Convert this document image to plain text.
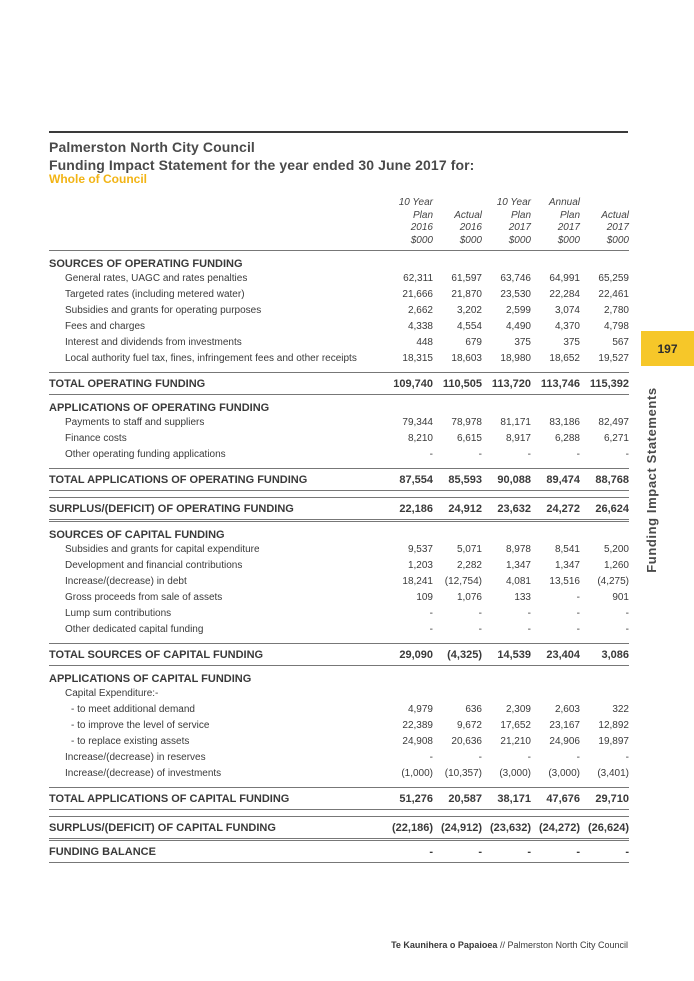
Palmerston North City Council
Funding Impact Statement for the year ended 30 June 2017 for:
Whole of Council
197
Funding Impact Statements
	10 Year
Plan
2016
$000	Actual
2016
$000	10 Year
Plan
2017
$000	Annual
Plan
2017
$000	Actual
2017
$000
SOURCES OF OPERATING FUNDING					
General rates, UAGC and rates penalties	62,311	61,597	63,746	64,991	65,259
Targeted rates (including metered water)	21,666	21,870	23,530	22,284	22,461
Subsidies and grants for operating purposes	2,662	3,202	2,599	3,074	2,780
Fees and charges	4,338	4,554	4,490	4,370	4,798
Interest and dividends from investments	448	679	375	375	567
Local authority fuel tax, fines, infringement fees and other receipts	18,315	18,603	18,980	18,652	19,527

TOTAL OPERATING FUNDING	109,740	110,505	113,720	113,746	115,392
APPLICATIONS OF OPERATING FUNDING					
Payments to staff and suppliers	79,344	78,978	81,171	83,186	82,497
Finance costs	8,210	6,615	8,917	6,288	6,271
Other operating funding applications	-	-	-	-	-

TOTAL APPLICATIONS OF OPERATING FUNDING	87,554	85,593	90,088	89,474	88,768

SURPLUS/(DEFICIT) OF OPERATING FUNDING	22,186	24,912	23,632	24,272	26,624
SOURCES OF CAPITAL FUNDING					
Subsidies and grants for capital expenditure	9,537	5,071	8,978	8,541	5,200
Development and financial contributions	1,203	2,282	1,347	1,347	1,260
Increase/(decrease) in debt	18,241	(12,754)	4,081	13,516	(4,275)
Gross proceeds from sale of assets	109	1,076	133	-	901
Lump sum contributions	-	-	-	-	-
Other dedicated capital funding	-	-	-	-	-

TOTAL SOURCES OF CAPITAL FUNDING	29,090	(4,325)	14,539	23,404	3,086
APPLICATIONS OF CAPITAL FUNDING					
Capital Expenditure:-					
- to meet additional demand	4,979	636	2,309	2,603	322
- to improve the level of service	22,389	9,672	17,652	23,167	12,892
- to replace existing assets	24,908	20,636	21,210	24,906	19,897
Increase/(decrease) in reserves	-	-	-	-	-
Increase/(decrease) of investments	(1,000)	(10,357)	(3,000)	(3,000)	(3,401)

TOTAL APPLICATIONS OF CAPITAL FUNDING	51,276	20,587	38,171	47,676	29,710

SURPLUS/(DEFICIT) OF CAPITAL FUNDING	(22,186)	(24,912)	(23,632)	(24,272)	(26,624)
FUNDING BALANCE	-	-	-	-	-
Te Kaunihera o Papaioea // Palmerston North City Council
